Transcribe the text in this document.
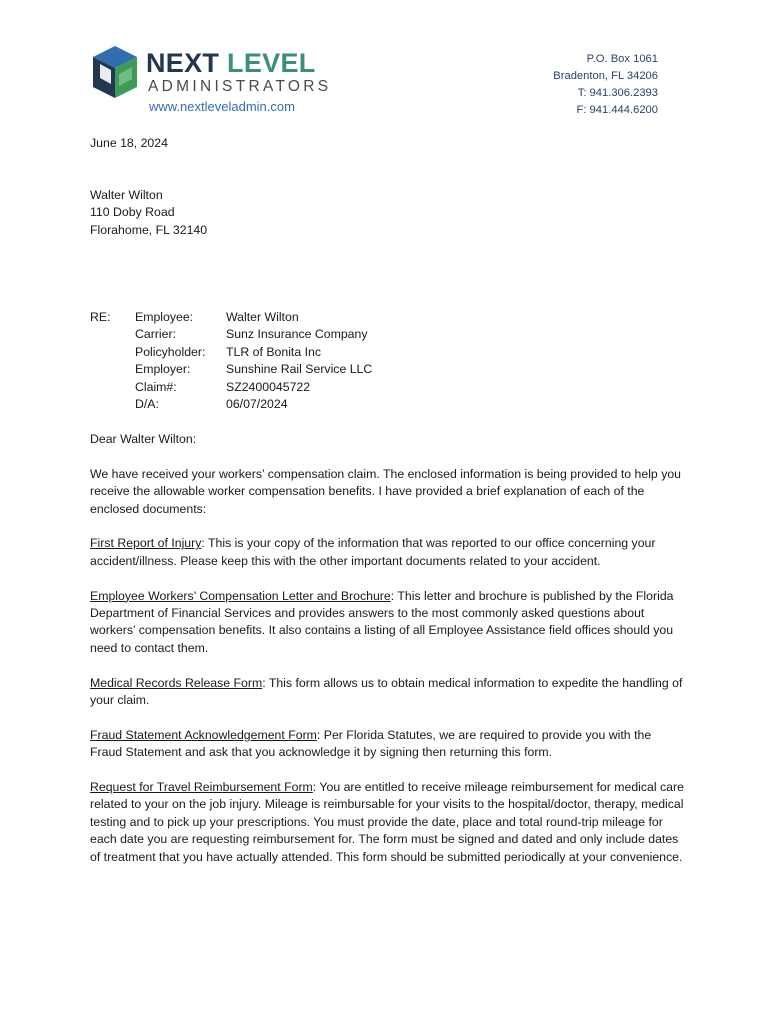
NEXT LEVEL
ADMINISTRATORS
www.nextleveladmin.com
P.O. Box 1061
Bradenton, FL 34206
T: 941.306.2393
F: 941.444.6200
June 18, 2024
Walter Wilton
110 Doby Road
Florahome, FL 32140
RE:	Employee:	Walter Wilton
Carrier:	Sunz Insurance Company
Policyholder:	TLR of Bonita Inc
Employer:	Sunshine Rail Service LLC
Claim#:	SZ2400045722
D/A:	06/07/2024

Dear Walter Wilton:

We have received your workers’ compensation claim. The enclosed information is being provided to help you receive the allowable worker compensation benefits. I have provided a brief explanation of each of the enclosed documents:

First Report of Injury: This is your copy of the information that was reported to our office concerning your accident/illness. Please keep this with the other important documents related to your accident.

Employee Workers’ Compensation Letter and Brochure: This letter and brochure is published by the Florida Department of Financial Services and provides answers to the most commonly asked questions about workers’ compensation benefits. It also contains a listing of all Employee Assistance field offices should you need to contact them.

Medical Records Release Form: This form allows us to obtain medical information to expedite the handling of your claim.

Fraud Statement Acknowledgement Form: Per Florida Statutes, we are required to provide you with the Fraud Statement and ask that you acknowledge it by signing then returning this form.

Request for Travel Reimbursement Form: You are entitled to receive mileage reimbursement for medical care related to your on the job injury. Mileage is reimbursable for your visits to the hospital/doctor, therapy, medical testing and to pick up your prescriptions. You must provide the date, place and total round-trip mileage for each date you are requesting reimbursement for. The form must be signed and dated and only include dates of treatment that you have actually attended. This form should be submitted periodically at your convenience.
